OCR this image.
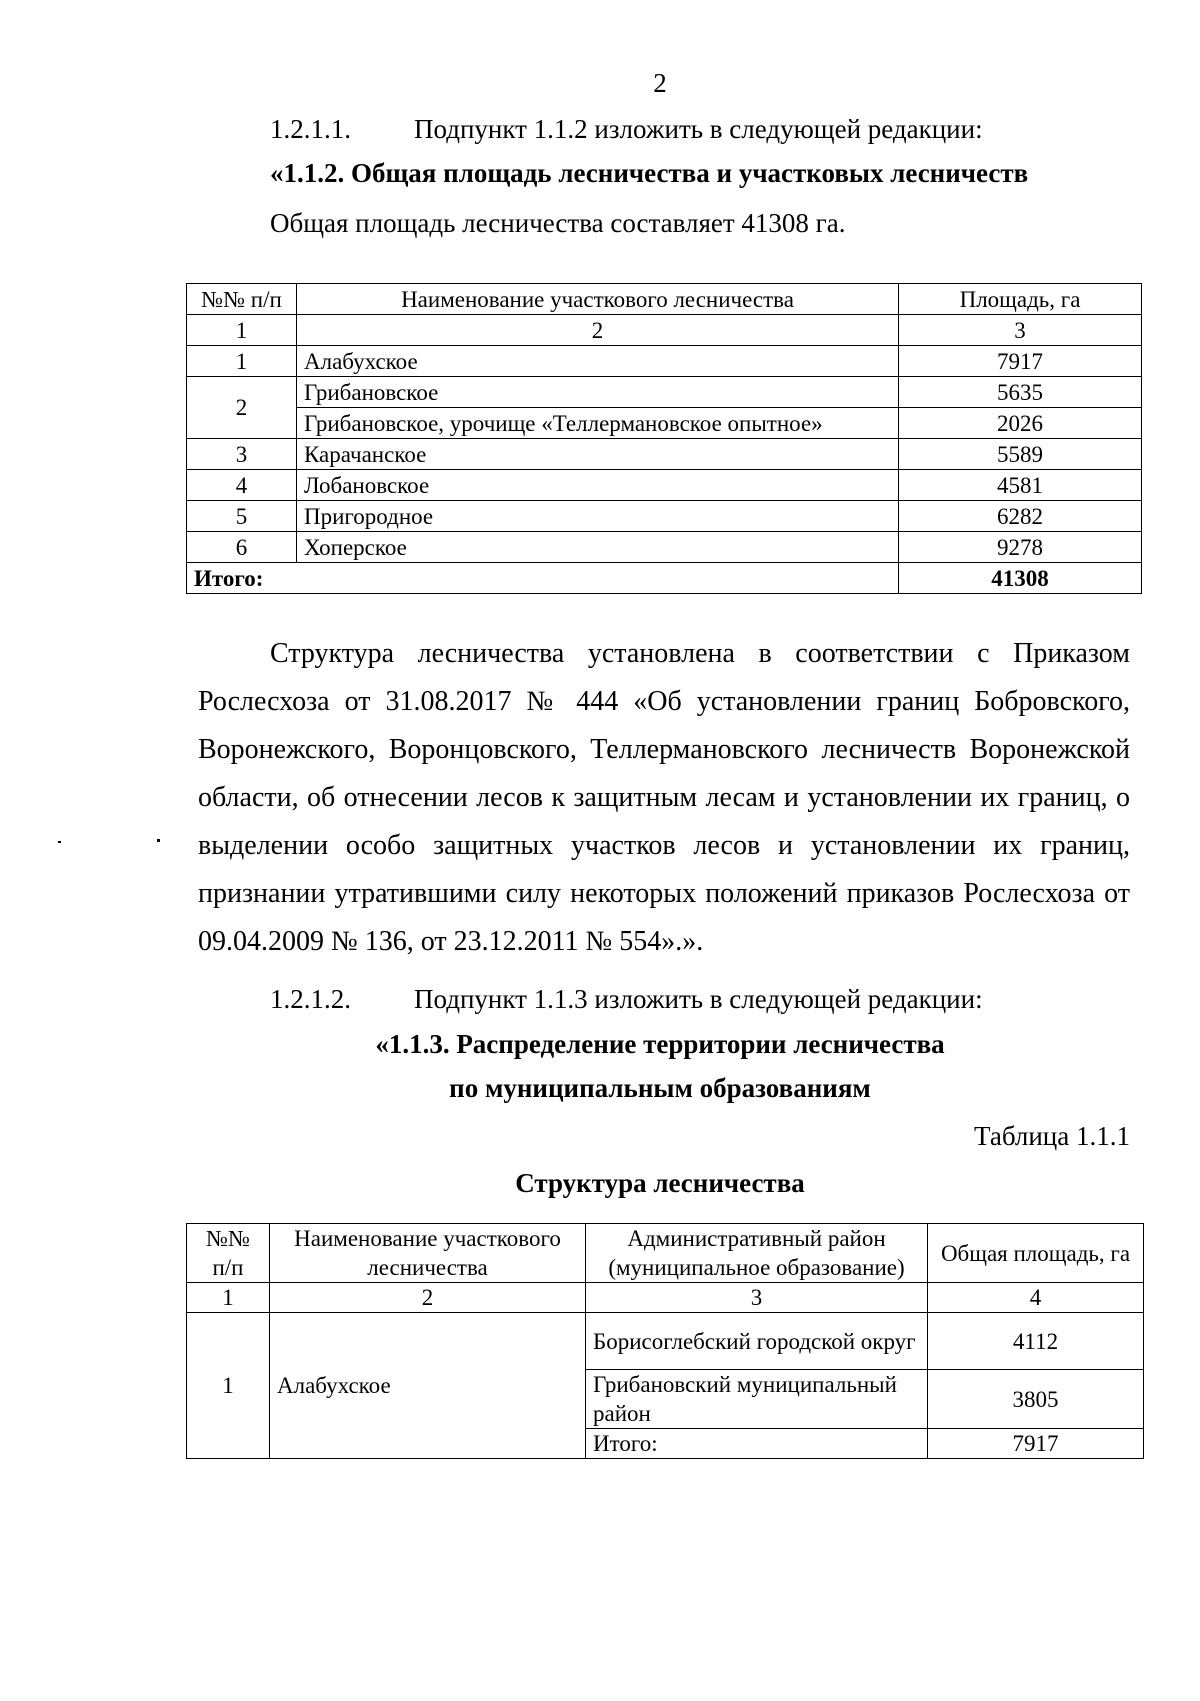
2
1.2.1.1. Подпункт 1.1.2 изложить в следующей редакции:
«1.1.2. Общая площадь лесничества и участковых лесничеств
Общая площадь лесничества составляет 41308 га.
№№ п/п	Наименование участкового лесничества	Площадь, га
1	2	3
1	Алабухское	7917
2	Грибановское	5635
	Грибановское, урочище «Теллермановское опытное»	2026
3	Карачанское	5589
4	Лобановское	4581
5	Пригородное	6282
6	Хоперское	9278
Итого:		41308
Структура лесничества установлена в соответствии с Приказом Рослесхоза от 31.08.2017 № 444 «Об установлении границ Бобровского, Воронежского, Воронцовского, Теллермановского лесничеств Воронежской области, об отнесении лесов к защитным лесам и установлении их границ, о выделении особо защитных участков лесов и установлении их границ, признании утратившими силу некоторых положений приказов Рослесхоза от 09.04.2009 № 136, от 23.12.2011 № 554».».
1.2.1.2. Подпункт 1.1.3 изложить в следующей редакции:
«1.1.3. Распределение территории лесничества
по муниципальным образованиям
Таблица 1.1.1
Структура лесничества
№№ п/п	Наименование участкового лесничества	Административный район (муниципальное образование)	Общая площадь, га
1	2	3	4
1	Алабухское	Борисоглебский городской округ	4112
		Грибановский муниципальный район	3805
		Итого:	7917
